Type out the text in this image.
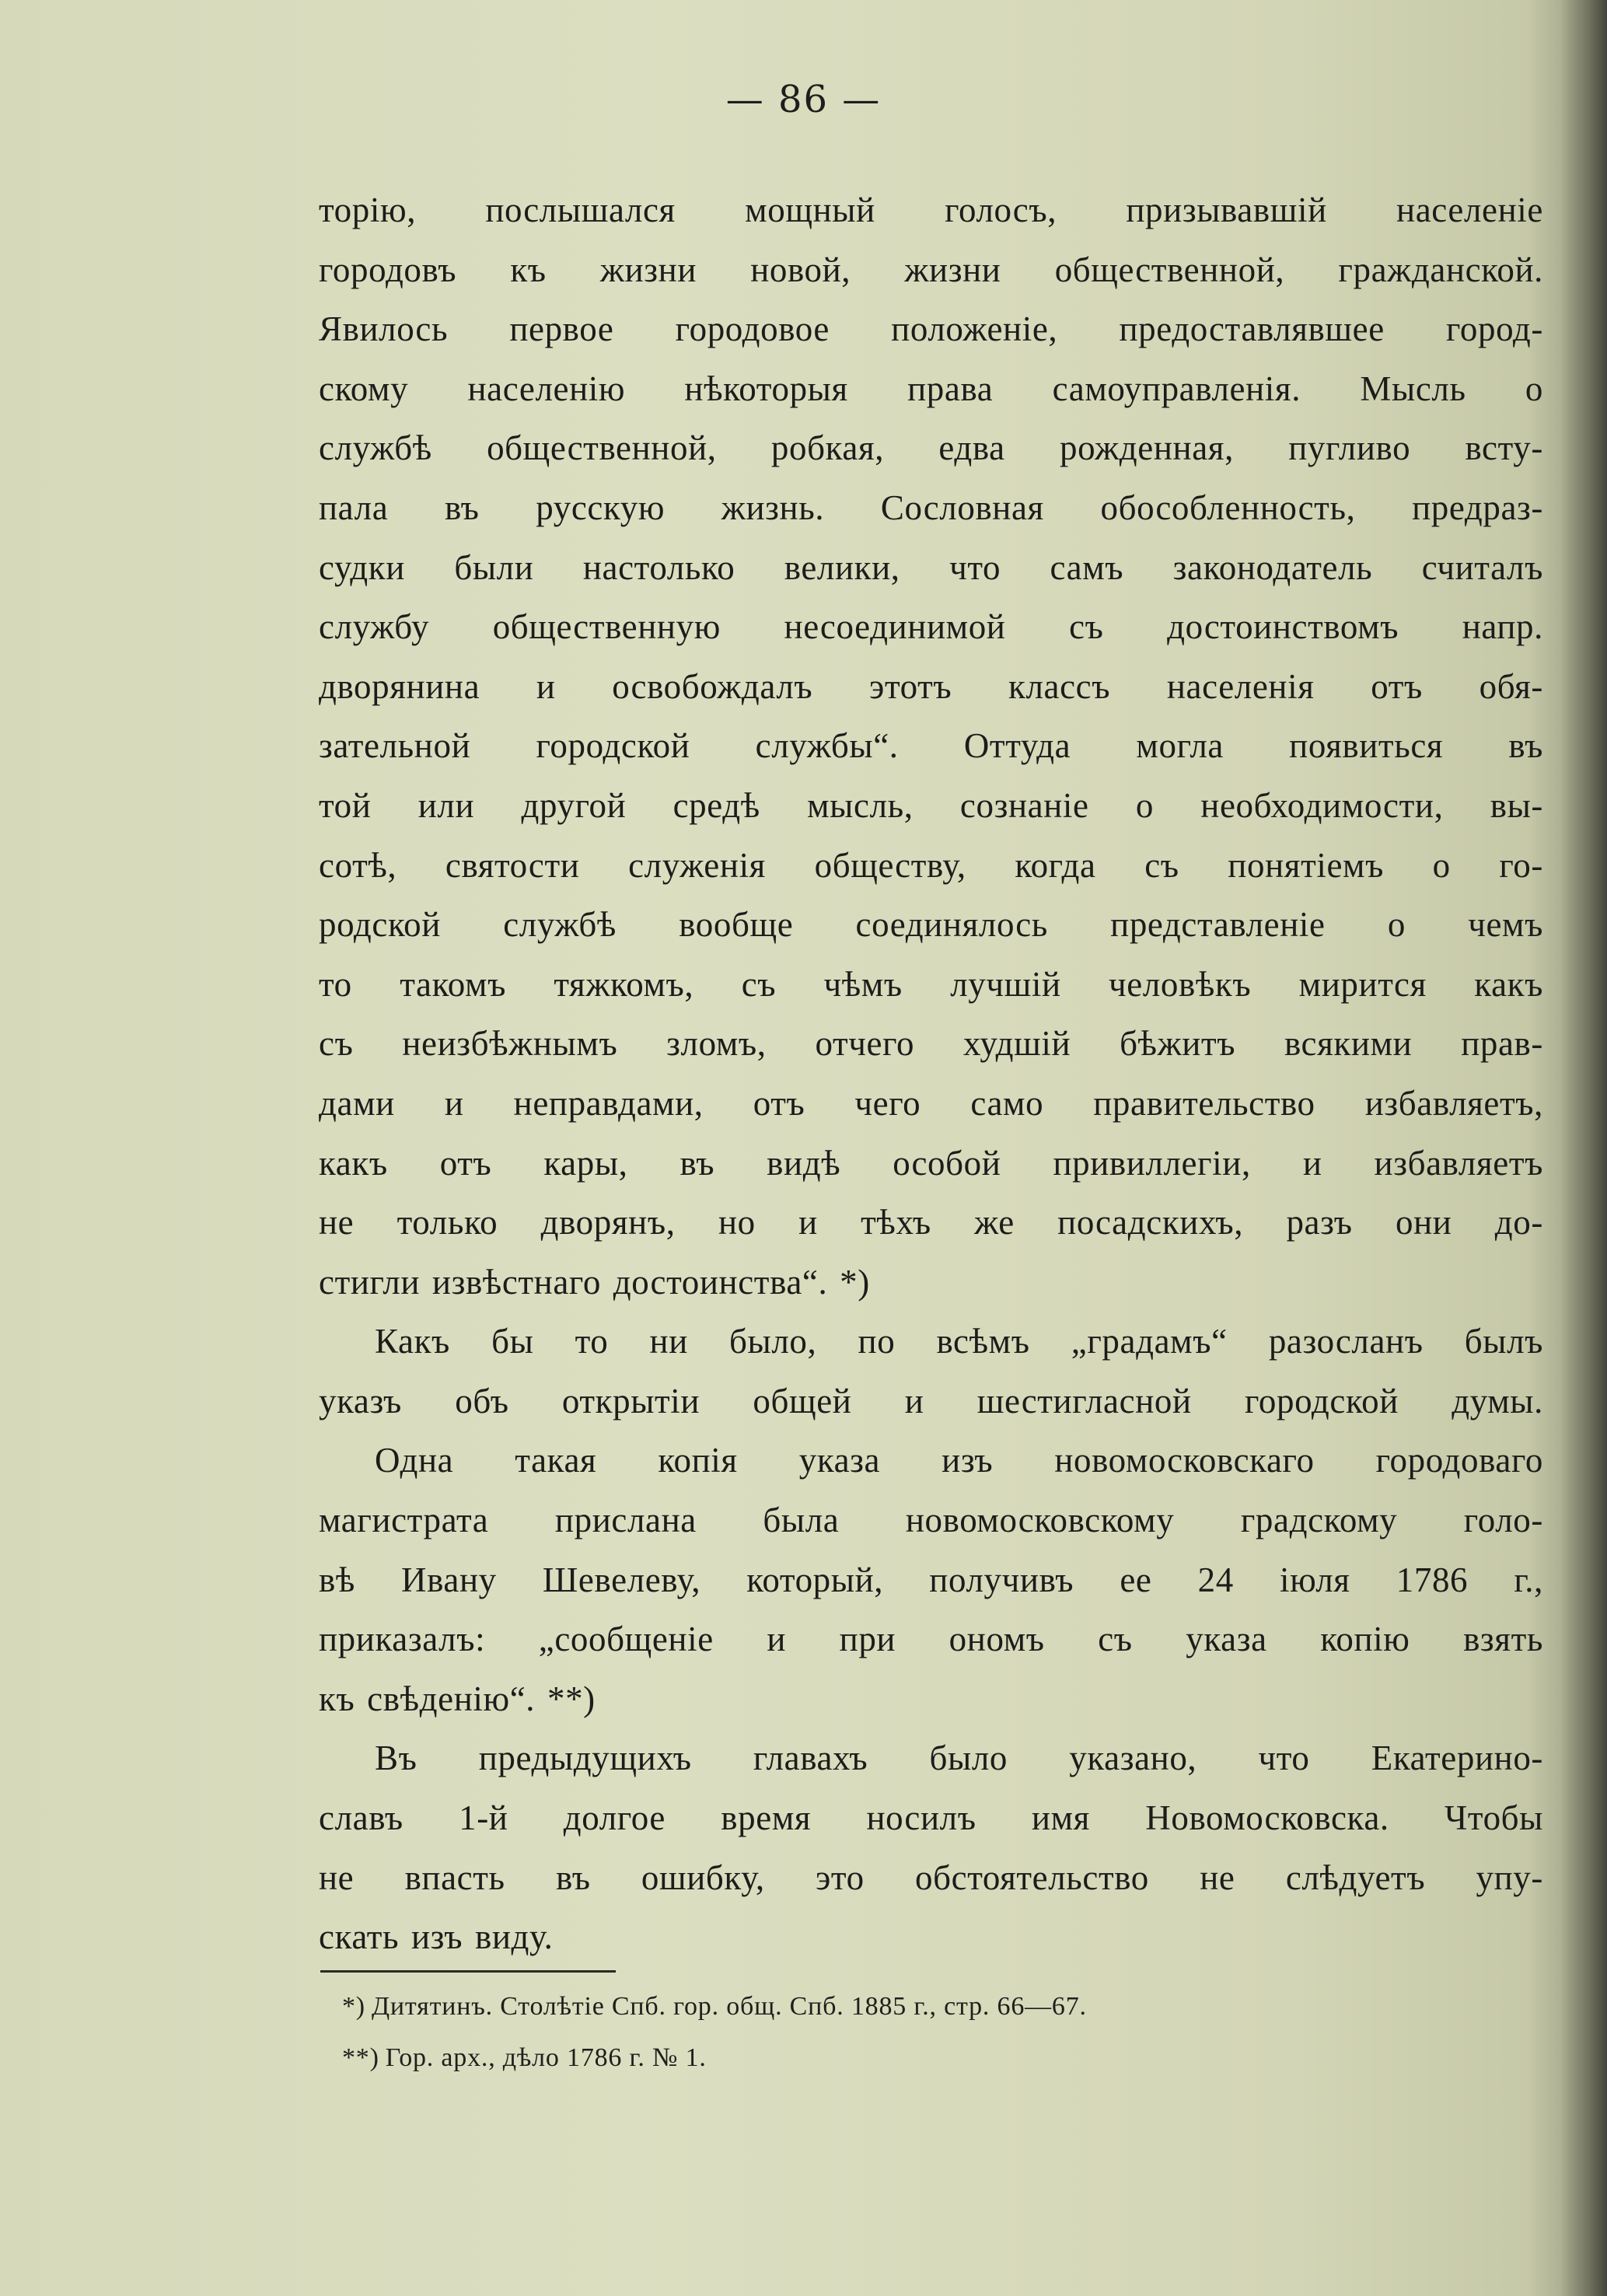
— 86 —
торію, послышался мощный голосъ, призывавшій населеніе
городовъ къ жизни новой, жизни общественной, гражданской.
Явилось первое городовое положеніе, предоставлявшее город-
скому населенію нѣкоторыя права самоуправленія. Мысль о
службѣ общественной, робкая, едва рожденная, пугливо всту-
пала въ русскую жизнь. Сословная обособленность, предраз-
судки были настолько велики, что самъ законодатель считалъ
службу общественную несоединимой съ достоинствомъ напр.
дворянина и освобождалъ этотъ классъ населенія отъ обя-
зательной городской службы“. Оттуда могла появиться въ
той или другой средѣ мысль, сознаніе о необходимости, вы-
сотѣ, святости служенія обществу, когда съ понятіемъ о го-
родской службѣ вообще соединялось представленіе о чемъ
то такомъ тяжкомъ, съ чѣмъ лучшій человѣкъ мирится какъ
съ неизбѣжнымъ зломъ, отчего худшій бѣжитъ всякими прав-
дами и неправдами, отъ чего само правительство избавляетъ,
какъ отъ кары, въ видѣ особой привиллегіи, и избавляетъ
не только дворянъ, но и тѣхъ же посадскихъ, разъ они до-
стигли извѣстнаго достоинства“. *)
Какъ бы то ни было, по всѣмъ „градамъ“ разосланъ былъ
указъ объ открытіи общей и шестигласной городской думы.
Одна такая копія указа изъ новомосковскаго городоваго
магистрата прислана была новомосковскому градскому голо-
вѣ Ивану Шевелеву, который, получивъ ее 24 іюля 1786 г.,
приказалъ: „сообщеніе и при ономъ съ указа копію взять
къ свѣденію“. **)
Въ предыдущихъ главахъ было указано, что Екатерино-
славъ 1-й долгое время носилъ имя Новомосковска. Чтобы
не впасть въ ошибку, это обстоятельство не слѣдуетъ упу-
скать изъ виду.
*) Дитятинъ. Столѣтіе Спб. гор. общ. Спб. 1885 г., стр. 66—67.
**) Гор. арх., дѣло 1786 г. № 1.
